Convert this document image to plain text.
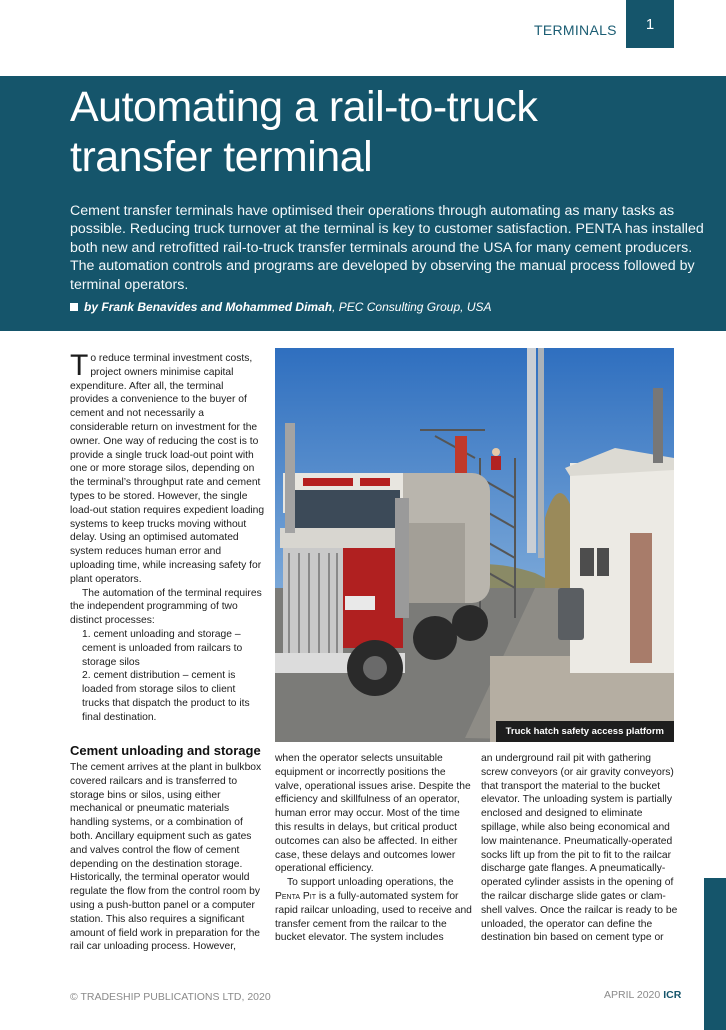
TERMINALS 1
Automating a rail-to-truck
transfer terminal

Cement transfer terminals have optimised their operations through automating as many tasks as possible. Reducing truck turnover at the terminal is key to customer satisfaction. PENTA has installed both new and retrofitted rail-to-truck transfer terminals around the USA for many cement producers. The automation controls and programs are developed by observing the manual process followed by terminal operators.

by Frank Benavides and Mohammed Dimah, PEC Consulting Group, USA

To reduce terminal investment costs, project owners minimise capital expenditure. After all, the terminal provides a convenience to the buyer of cement and not necessarily a considerable return on investment for the owner. One way of reducing the cost is to provide a single truck load-out point with one or more storage silos, depending on the terminal’s throughput rate and cement types to be stored. However, the single load-out station requires expedient loading systems to keep trucks moving without delay. Using an optimised automated system reduces human error and uploading time, while increasing safety for plant operators.

The automation of the terminal requires the independent programming of two distinct processes:

1. cement unloading and storage – cement is unloaded from railcars to storage silos

2. cement distribution – cement is loaded from storage silos to client trucks that dispatch the product to its final destination.

Truck hatch safety access platform
Cement unloading and storage

The cement arrives at the plant in bulkbox covered railcars and is transferred to storage bins or silos, using either mechanical or pneumatic materials handling systems, or a combination of both. Ancillary equipment such as gates and valves control the flow of cement depending on the destination storage. Historically, the terminal operator would regulate the flow from the control room by using a push-button panel or a computer station. This also requires a significant amount of field work in preparation for the rail car unloading process. However,

when the operator selects unsuitable equipment or incorrectly positions the valve, operational issues arise. Despite the efficiency and skillfulness of an operator, human error may occur. Most of the time this results in delays, but critical product outcomes can also be affected. In either case, these delays and outcomes lower operational efficiency.

To support unloading operations, the Penta Pit is a fully-automated system for rapid railcar unloading, used to receive and transfer cement from the railcar to the bucket elevator. The system includes

an underground rail pit with gathering screw conveyors (or air gravity conveyors) that transport the material to the bucket elevator. The unloading system is partially enclosed and designed to eliminate spillage, while also being economical and low maintenance. Pneumatically-operated socks lift up from the pit to fit to the railcar discharge gate flanges. A pneumatically-operated cylinder assists in the opening of the railcar discharge slide gates or clam-shell valves. Once the railcar is ready to be unloaded, the operator can define the destination bin based on cement type or

© TRADESHIP PUBLICATIONS LTD, 2020	APRIL 2020 ICR
